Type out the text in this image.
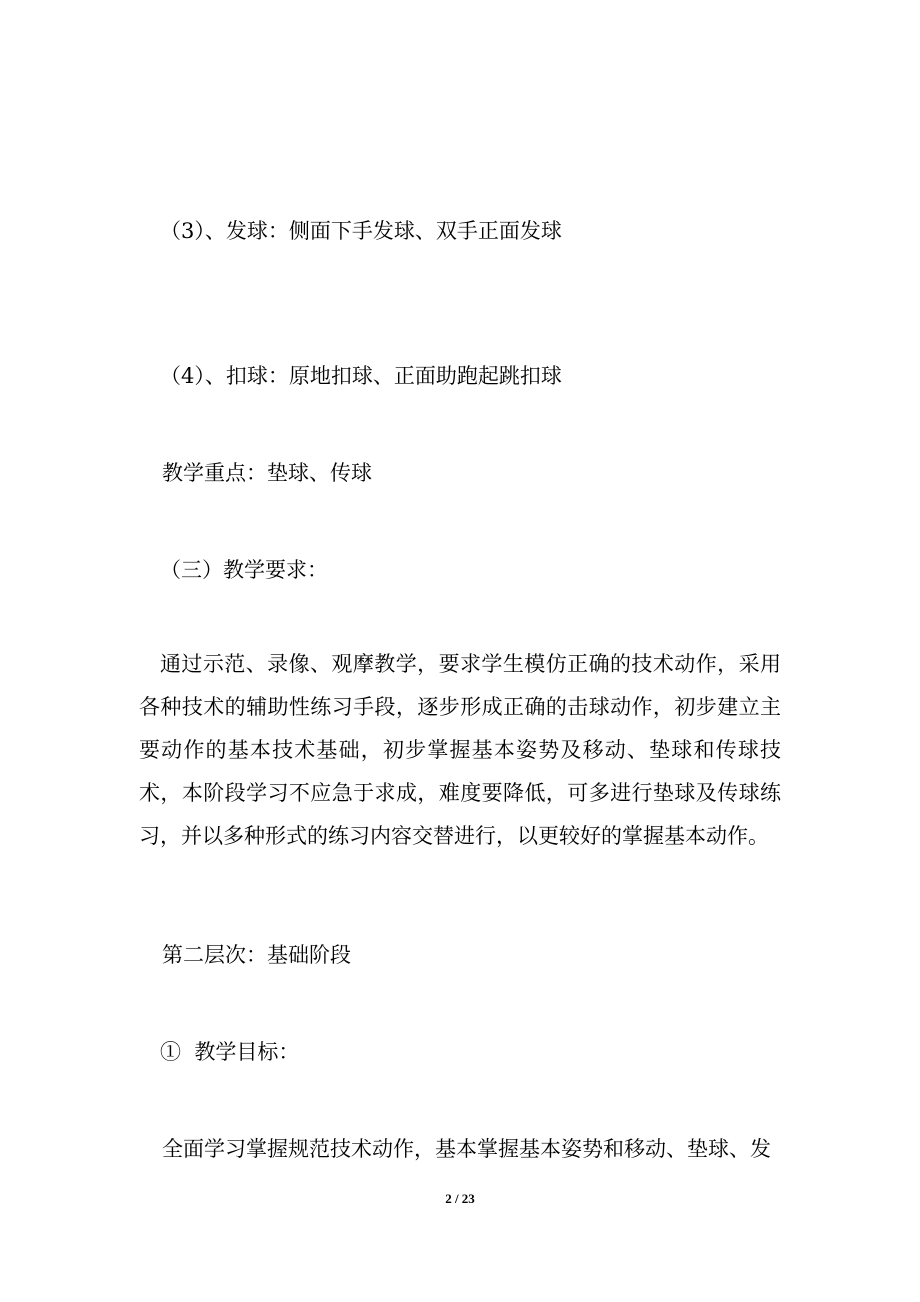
（3）、发球：侧面下手发球、双手正面发球
（4）、扣球：原地扣球、正面助跑起跳扣球
教学重点：垫球、传球
（三）教学要求：
通过示范、录像、观摩教学，要求学生模仿正确的技术动作，采用各种技术的辅助性练习手段，逐步形成正确的击球动作，初步建立主要动作的基本技术基础，初步掌握基本姿势及移动、垫球和传球技术，本阶段学习不应急于求成，难度要降低，可多进行垫球及传球练习，并以多种形式的练习内容交替进行，以更较好的掌握基本动作。
第二层次：基础阶段
①  教学目标：
全面学习掌握规范技术动作，基本掌握基本姿势和移动、垫球、发
2 / 23
